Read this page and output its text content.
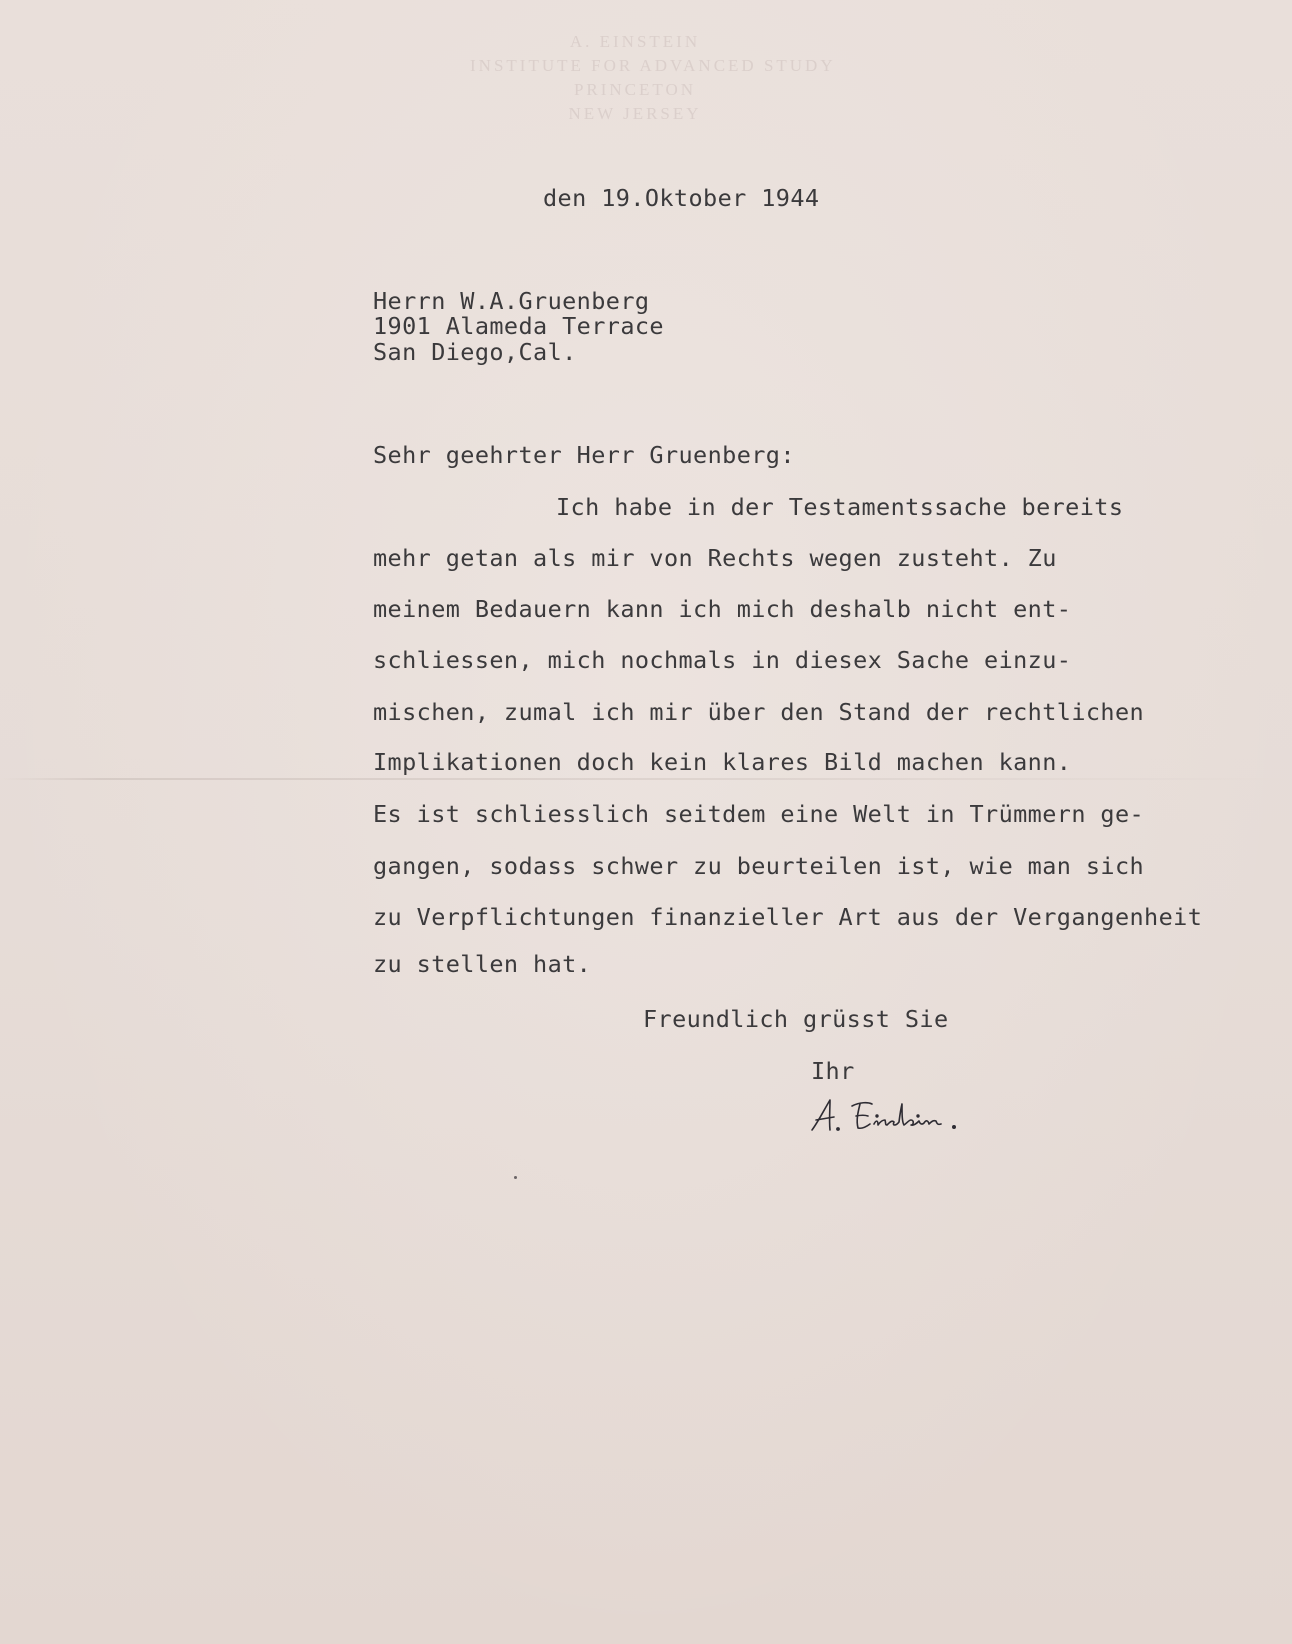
A. EINSTEIN
INSTITUTE FOR ADVANCED STUDY
PRINCETON
NEW JERSEY
den 19.Oktober 1944
Herrn W.A.Gruenberg
1901 Alameda Terrace
San Diego,Cal.
Sehr geehrter Herr Gruenberg:
Ich habe in der Testamentssache bereits
mehr getan als mir von Rechts wegen zusteht. Zu
meinem Bedauern kann ich mich deshalb nicht ent-
schliessen, mich nochmals in diesex Sache einzu-
mischen, zumal ich mir über den Stand der rechtlichen
Implikationen doch kein klares Bild machen kann.
Es ist schliesslich seitdem eine Welt in Trümmern ge-
gangen, sodass schwer zu beurteilen ist, wie man sich
zu Verpflichtungen finanzieller Art aus der Vergangenheit
zu stellen hat.
Freundlich grüsst Sie
Ihr
